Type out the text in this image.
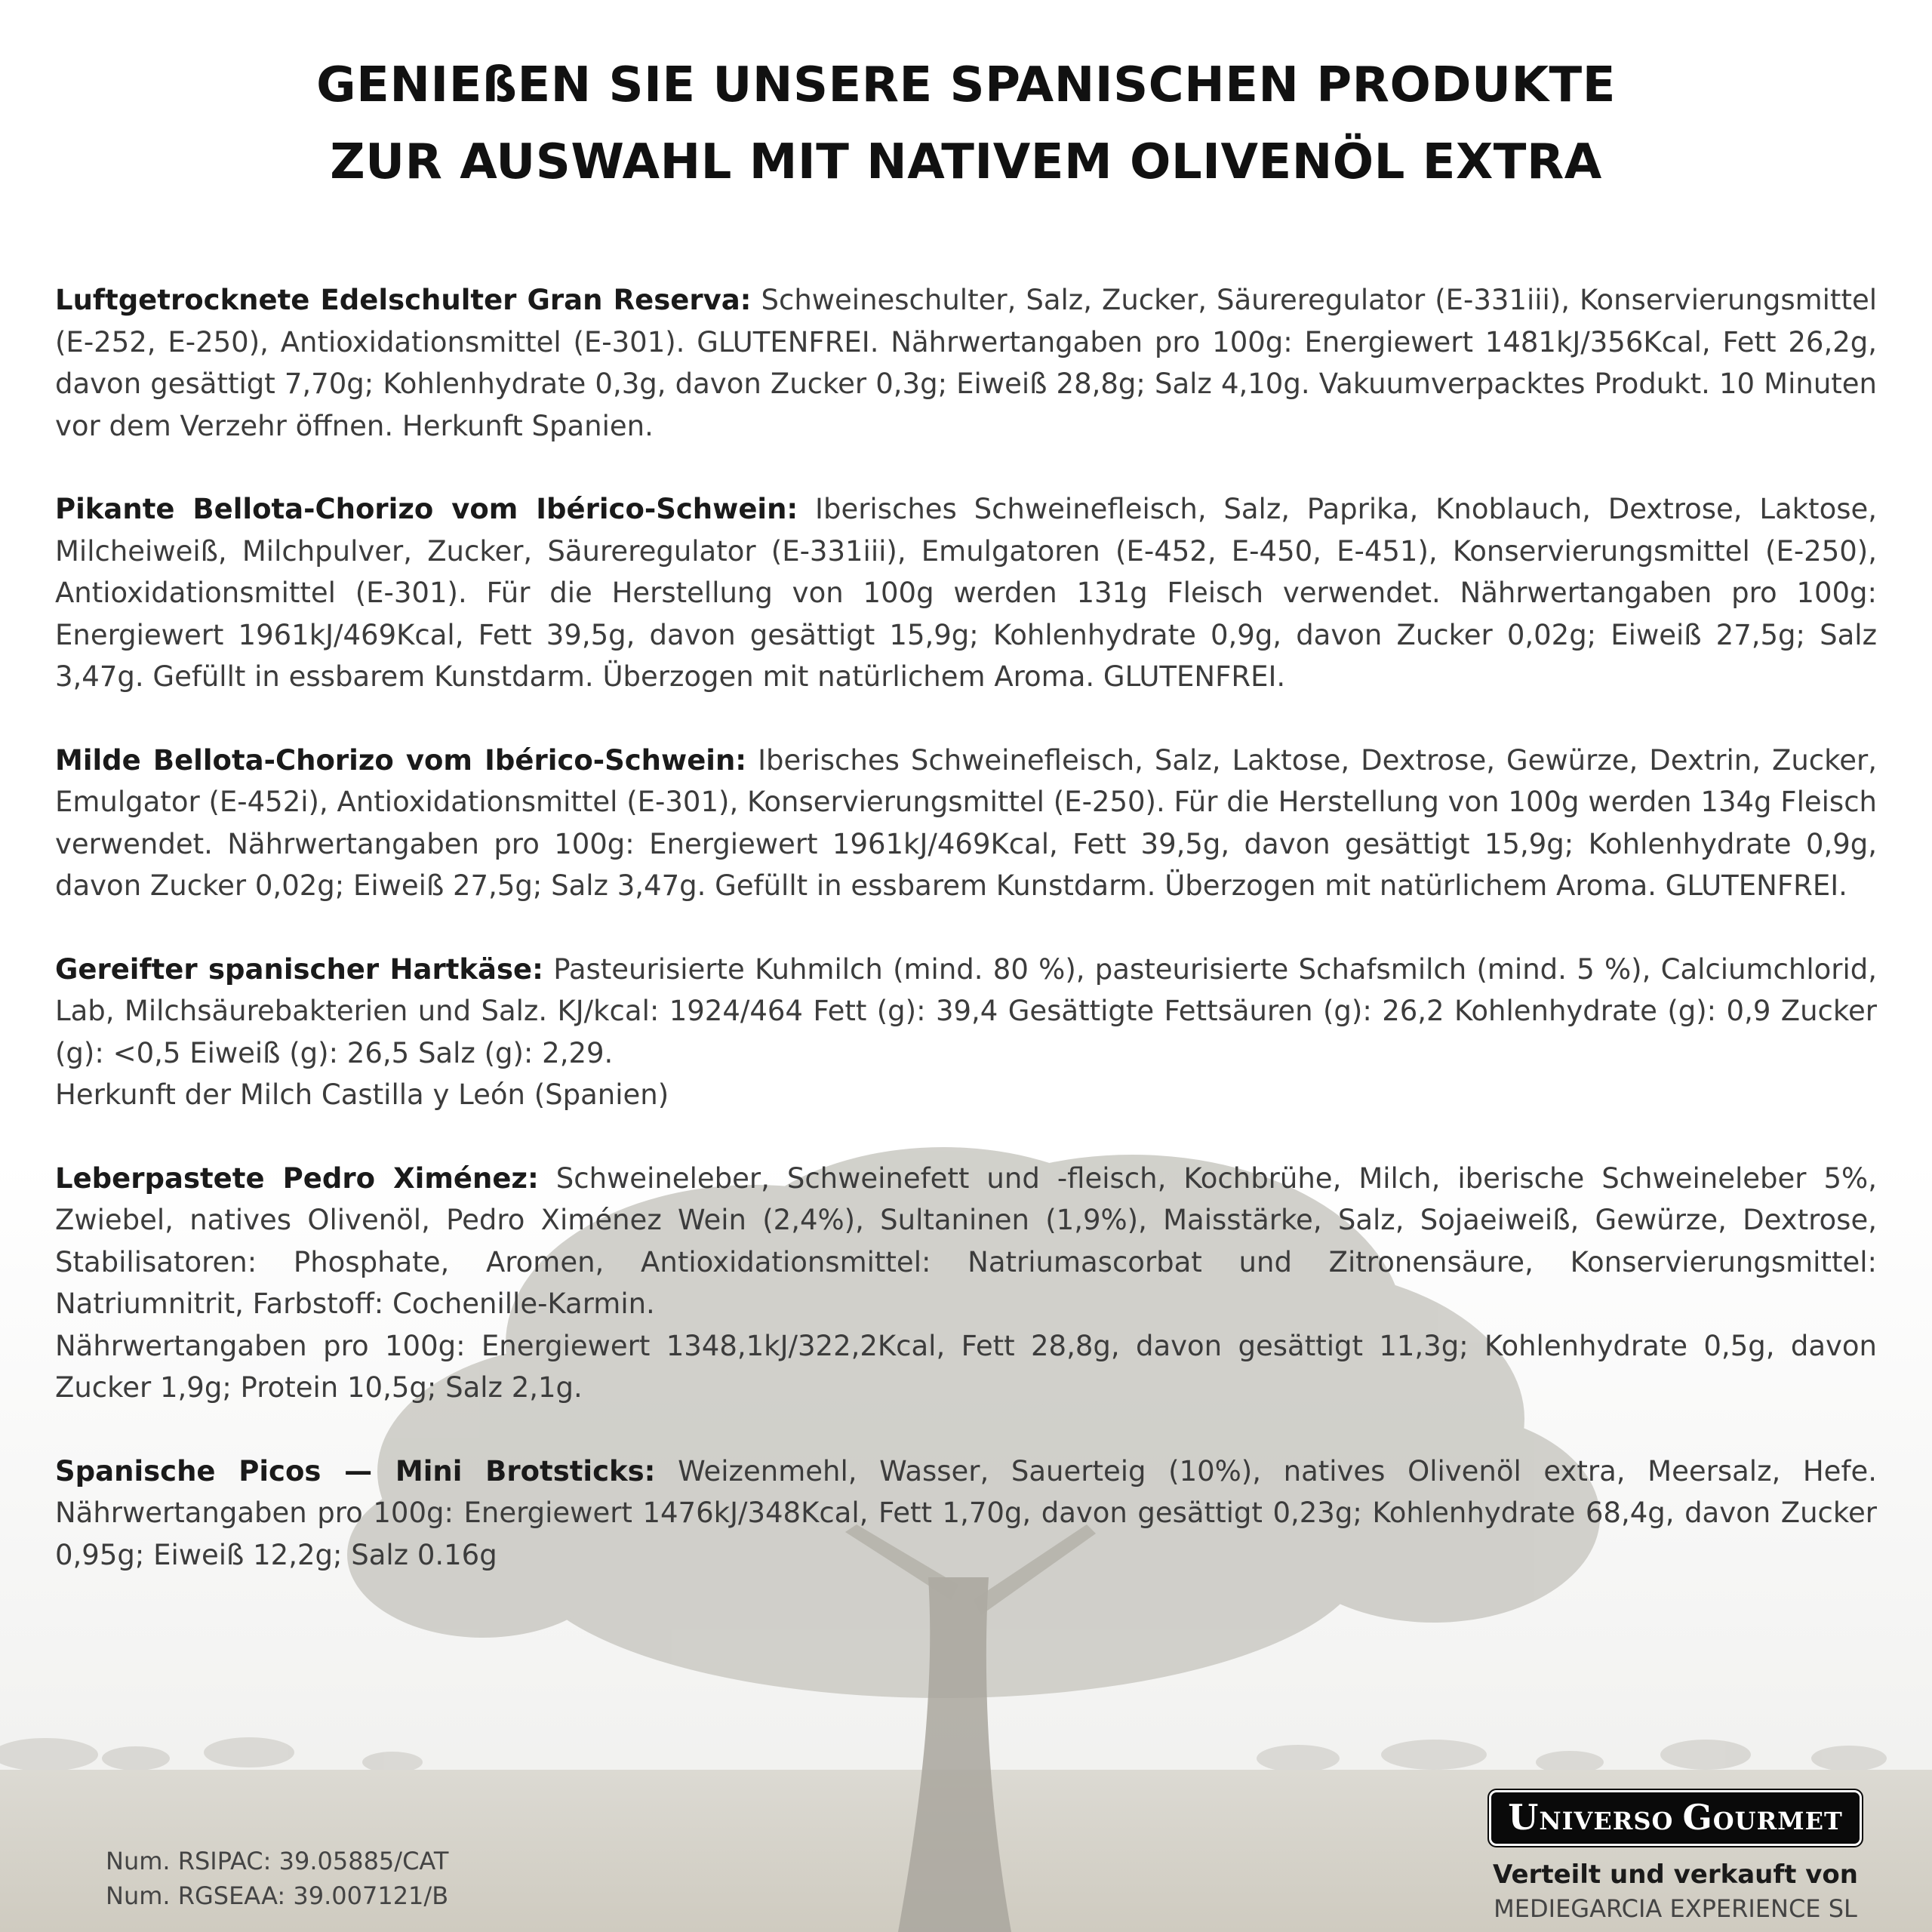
GENIEßEN SIE UNSERE SPANISCHEN PRODUKTE
ZUR AUSWAHL MIT NATIVEM OLIVENÖL EXTRA

Luftgetrocknete Edelschulter Gran Reserva: Schweineschulter, Salz, Zucker, Säureregulator (E-331iii), Konservierungsmittel (E-252, E-250), Antioxidationsmittel (E-301). GLUTENFREI. Nährwertangaben pro 100g: Energiewert 1481kJ/356Kcal, Fett 26,2g, davon gesättigt 7,70g; Kohlenhydrate 0,3g, davon Zucker 0,3g; Eiweiß 28,8g; Salz 4,10g. Vakuumverpacktes Produkt. 10 Minuten vor dem Verzehr öffnen. Herkunft Spanien.

Pikante Bellota-Chorizo vom Ibérico-Schwein: Iberisches Schweinefleisch, Salz, Paprika, Knoblauch, Dextrose, Laktose, Milcheiweiß, Milchpulver, Zucker, Säureregulator (E-331iii), Emulgatoren (E-452, E-450, E-451), Konservierungsmittel (E-250), Antioxidationsmittel (E-301). Für die Herstellung von 100g werden 131g Fleisch verwendet. Nährwertangaben pro 100g: Energiewert 1961kJ/469Kcal, Fett 39,5g, davon gesättigt 15,9g; Kohlenhydrate 0,9g, davon Zucker 0,02g; Eiweiß 27,5g; Salz 3,47g. Gefüllt in essbarem Kunstdarm. Überzogen mit natürlichem Aroma. GLUTENFREI.

Milde Bellota-Chorizo vom Ibérico-Schwein: Iberisches Schweinefleisch, Salz, Laktose, Dextrose, Gewürze, Dextrin, Zucker, Emulgator (E-452i), Antioxidationsmittel (E-301), Konservierungsmittel (E-250). Für die Herstellung von 100g werden 134g Fleisch verwendet. Nährwertangaben pro 100g: Energiewert 1961kJ/469Kcal, Fett 39,5g, davon gesättigt 15,9g; Kohlenhydrate 0,9g, davon Zucker 0,02g; Eiweiß 27,5g; Salz 3,47g. Gefüllt in essbarem Kunstdarm. Überzogen mit natürlichem Aroma. GLUTENFREI.

Gereifter spanischer Hartkäse: Pasteurisierte Kuhmilch (mind. 80 %), pasteurisierte Schafsmilch (mind. 5 %), Calciumchlorid, Lab, Milchsäurebakterien und Salz. KJ/kcal: 1924/464 Fett (g): 39,4 Gesättigte Fettsäuren (g): 26,2 Kohlenhydrate (g): 0,9 Zucker (g): <0,5 Eiweiß (g): 26,5 Salz (g): 2,29.

Herkunft der Milch Castilla y León (Spanien)

Leberpastete Pedro Ximénez: Schweineleber, Schweinefett und -fleisch, Kochbrühe, Milch, iberische Schweineleber 5%, Zwiebel, natives Olivenöl, Pedro Ximénez Wein (2,4%), Sultaninen (1,9%), Maisstärke, Salz, Sojaeiweiß, Gewürze, Dextrose, Stabilisatoren: Phosphate, Aromen, Antioxidationsmittel: Natriumascorbat und Zitronensäure, Konservierungsmittel: Natriumnitrit, Farbstoff: Cochenille-Karmin.

Nährwertangaben pro 100g: Energiewert 1348,1kJ/322,2Kcal, Fett 28,8g, davon gesättigt 11,3g; Kohlenhydrate 0,5g, davon Zucker 1,9g; Protein 10,5g; Salz 2,1g.

Spanische Picos — Mini Brotsticks: Weizenmehl, Wasser, Sauerteig (10%), natives Olivenöl extra, Meersalz, Hefe. Nährwertangaben pro 100g: Energiewert 1476kJ/348Kcal, Fett 1,70g, davon gesättigt 0,23g; Kohlenhydrate 68,4g, davon Zucker 0,95g; Eiweiß 12,2g; Salz 0.16g

Num. RSIPAC: 39.05885/CAT
Num. RGSEAA: 39.007121/B
UNIVERSO GOURMET
Verteilt und verkauft von
MEDIEGARCIA EXPERIENCE SL
